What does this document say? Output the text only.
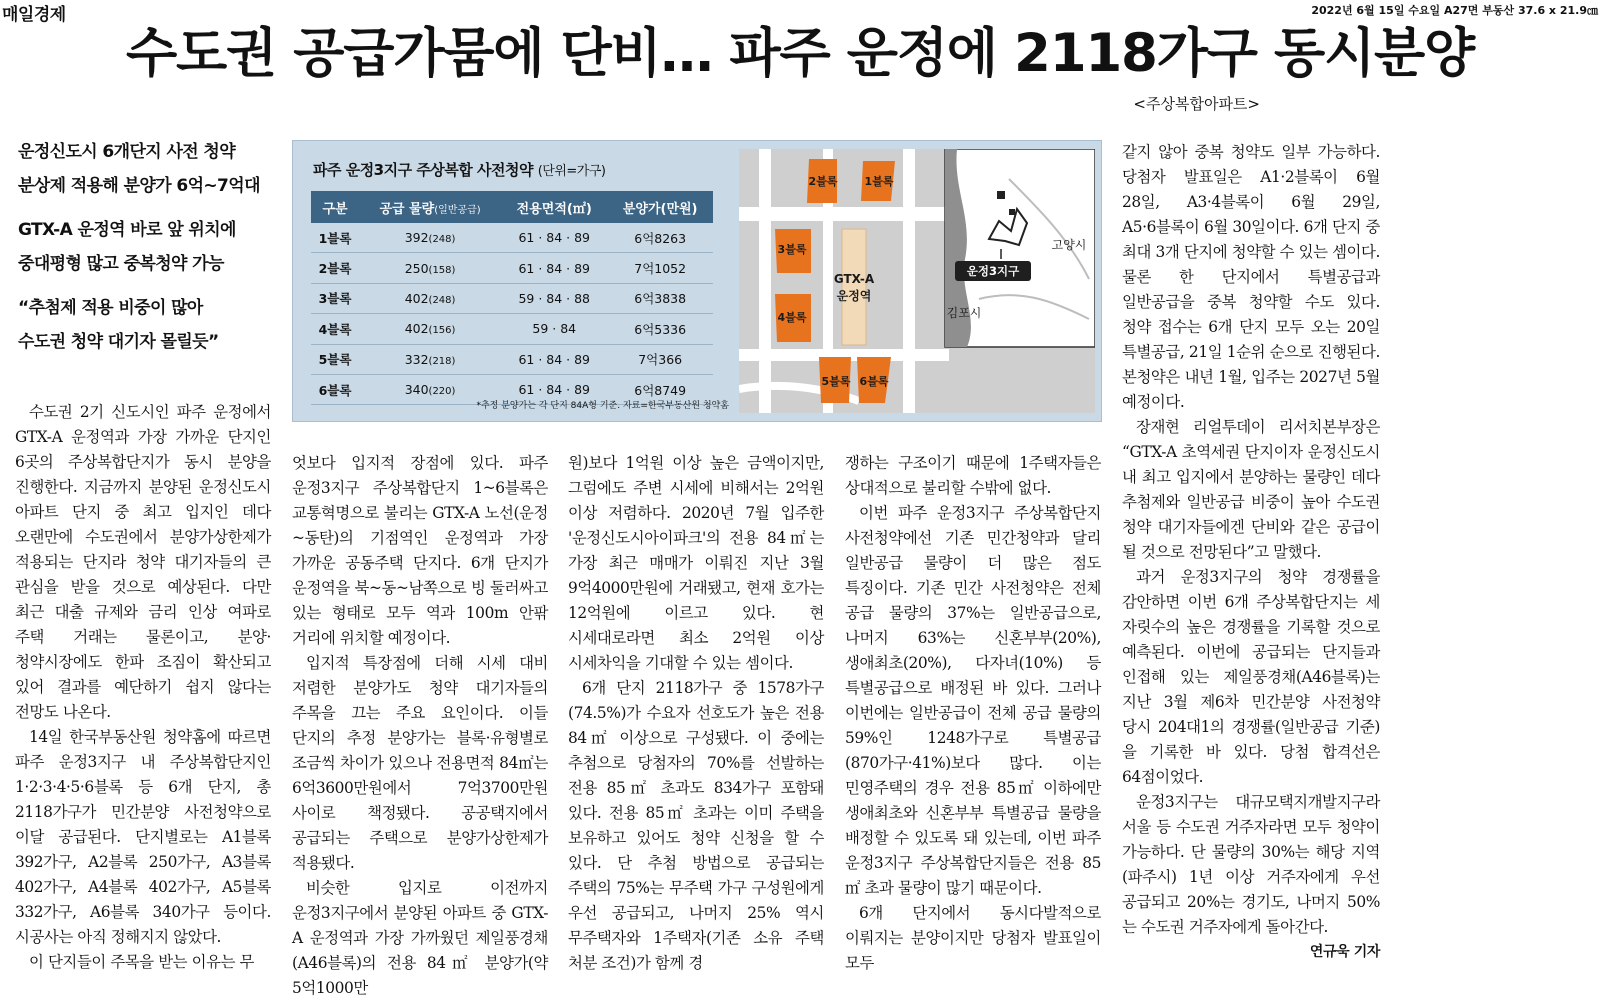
매일경제	2022년 6월 15일 수요일 A27면 부동산 37.6 x 21.9㎝
수도권 공급가뭄에 단비… 파주 운정에 2118가구 동시분양
<주상복합아파트>
운정신도시 6개단지 사전 청약
분상제 적용해 분양가 6억~7억대
GTX-A 운정역 바로 앞 위치에
중대평형 많고 중복청약 가능
“추첨제 적용 비중이 많아
수도권 청약 대기자 몰릴듯”
파주 운정3지구 주상복합 사전청약 (단위=가구)
구분	공급 물량(일반공급)	전용면적(㎡)	분양가(만원)
1블록	392(248)	61 · 84 · 89	6억8263
2블록	250(158)	61 · 84 · 89	7억1052
3블록	402(248)	59 · 84 · 88	6억3838
4블록	402(156)	59 · 84	6억5336
5블록	332(218)	61 · 84 · 89	7억366
6블록	340(220)	61 · 84 · 89	6억8749
*추정 분양가는 각 단지 84A형 기준. 자료=한국부동산원 청약홈
2블록 1블록
3블록
4블록
5블록 6블록
GTX-A
운정역
운정3지구
고양시
김포시

수도권 2기 신도시인 파주 운정에서 GTX-A 운정역과 가장 가까운 단지인 6곳의 주상복합단지가 동시 분양을 진행한다. 지금까지 분양된 운정신도시 아파트 단지 중 최고 입지인 데다 오랜만에 수도권에서 분양가상한제가 적용되는 단지라 청약 대기자들의 큰 관심을 받을 것으로 예상된다. 다만 최근 대출 규제와 금리 인상 여파로 주택 거래는 물론이고, 분양·청약시장에도 한파 조짐이 확산되고 있어 결과를 예단하기 쉽지 않다는 전망도 나온다.

14일 한국부동산원 청약홈에 따르면 파주 운정3지구 내 주상복합단지인 1·2·3·4·5·6블록 등 6개 단지, 총 2118가구가 민간분양 사전청약으로 이달 공급된다. 단지별로는 A1블록 392가구, A2블록 250가구, A3블록 402가구, A4블록 402가구, A5블록 332가구, A6블록 340가구 등이다. 시공사는 아직 정해지지 않았다.

이 단지들이 주목을 받는 이유는 무

엇보다 입지적 장점에 있다. 파주 운정3지구 주상복합단지 1~6블록은 교통혁명으로 불리는 GTX-A 노선(운정~동탄)의 기점역인 운정역과 가장 가까운 공동주택 단지다. 6개 단지가 운정역을 북~동~남쪽으로 빙 둘러싸고 있는 형태로 모두 역과 100m 안팎 거리에 위치할 예정이다.

입지적 특장점에 더해 시세 대비 저렴한 분양가도 청약 대기자들의 주목을 끄는 주요 요인이다. 이들 단지의 추정 분양가는 블록·유형별로 조금씩 차이가 있으나 전용면적 84㎡는 6억3600만원에서 7억3700만원 사이로 책정됐다. 공공택지에서 공급되는 주택으로 분양가상한제가 적용됐다.

비슷한 입지로 이전까지 운정3지구에서 분양된 아파트 중 GTX-A 운정역과 가장 가까웠던 제일풍경채(A46블록)의 전용 84㎡ 분양가(약 5억1000만

원)보다 1억원 이상 높은 금액이지만, 그럼에도 주변 시세에 비해서는 2억원 이상 저렴하다. 2020년 7월 입주한 '운정신도시아이파크'의 전용 84㎡는 가장 최근 매매가 이뤄진 지난 3월 9억4000만원에 거래됐고, 현재 호가는 12억원에 이르고 있다. 현 시세대로라면 최소 2억원 이상 시세차익을 기대할 수 있는 셈이다.

6개 단지 2118가구 중 1578가구(74.5%)가 수요자 선호도가 높은 전용 84㎡ 이상으로 구성됐다. 이 중에는 추첨으로 당첨자의 70%를 선발하는 전용 85㎡ 초과도 834가구 포함돼 있다. 전용 85㎡ 초과는 이미 주택을 보유하고 있어도 청약 신청을 할 수 있다. 단 추첨 방법으로 공급되는 주택의 75%는 무주택 가구 구성원에게 우선 공급되고, 나머지 25% 역시 무주택자와 1주택자(기존 소유 주택 처분 조건)가 함께 경

쟁하는 구조이기 때문에 1주택자들은 상대적으로 불리할 수밖에 없다.

이번 파주 운정3지구 주상복합단지 사전청약에선 기존 민간청약과 달리 일반공급 물량이 더 많은 점도 특징이다. 기존 민간 사전청약은 전체 공급 물량의 37%는 일반공급으로, 나머지 63%는 신혼부부(20%), 생애최초(20%), 다자녀(10%) 등 특별공급으로 배정된 바 있다. 그러나 이번에는 일반공급이 전체 공급 물량의 59%인 1248가구로 특별공급(870가구·41%)보다 많다. 이는 민영주택의 경우 전용 85㎡ 이하에만 생애최초와 신혼부부 특별공급 물량을 배정할 수 있도록 돼 있는데, 이번 파주 운정3지구 주상복합단지들은 전용 85㎡ 초과 물량이 많기 때문이다.

6개 단지에서 동시다발적으로 이뤄지는 분양이지만 당첨자 발표일이 모두

같지 않아 중복 청약도 일부 가능하다. 당첨자 발표일은 A1·2블록이 6월 28일, A3·4블록이 6월 29일, A5·6블록이 6월 30일이다. 6개 단지 중 최대 3개 단지에 청약할 수 있는 셈이다. 물론 한 단지에서 특별공급과 일반공급을 중복 청약할 수도 있다. 청약 접수는 6개 단지 모두 오는 20일 특별공급, 21일 1순위 순으로 진행된다. 본청약은 내년 1월, 입주는 2027년 5월 예정이다.

장재현 리얼투데이 리서치본부장은 “GTX-A 초역세권 단지이자 운정신도시 내 최고 입지에서 분양하는 물량인 데다 추첨제와 일반공급 비중이 높아 수도권 청약 대기자들에겐 단비와 같은 공급이 될 것으로 전망된다”고 말했다.

과거 운정3지구의 청약 경쟁률을 감안하면 이번 6개 주상복합단지는 세 자릿수의 높은 경쟁률을 기록할 것으로 예측된다. 이번에 공급되는 단지들과 인접해 있는 제일풍경채(A46블록)는 지난 3월 제6차 민간분양 사전청약 당시 204대1의 경쟁률(일반공급 기준)을 기록한 바 있다. 당첨 합격선은 64점이었다.

운정3지구는 대규모택지개발지구라 서울 등 수도권 거주자라면 모두 청약이 가능하다. 단 물량의 30%는 해당 지역(파주시) 1년 이상 거주자에게 우선 공급되고 20%는 경기도, 나머지 50%는 수도권 거주자에게 돌아간다.

연규욱 기자
